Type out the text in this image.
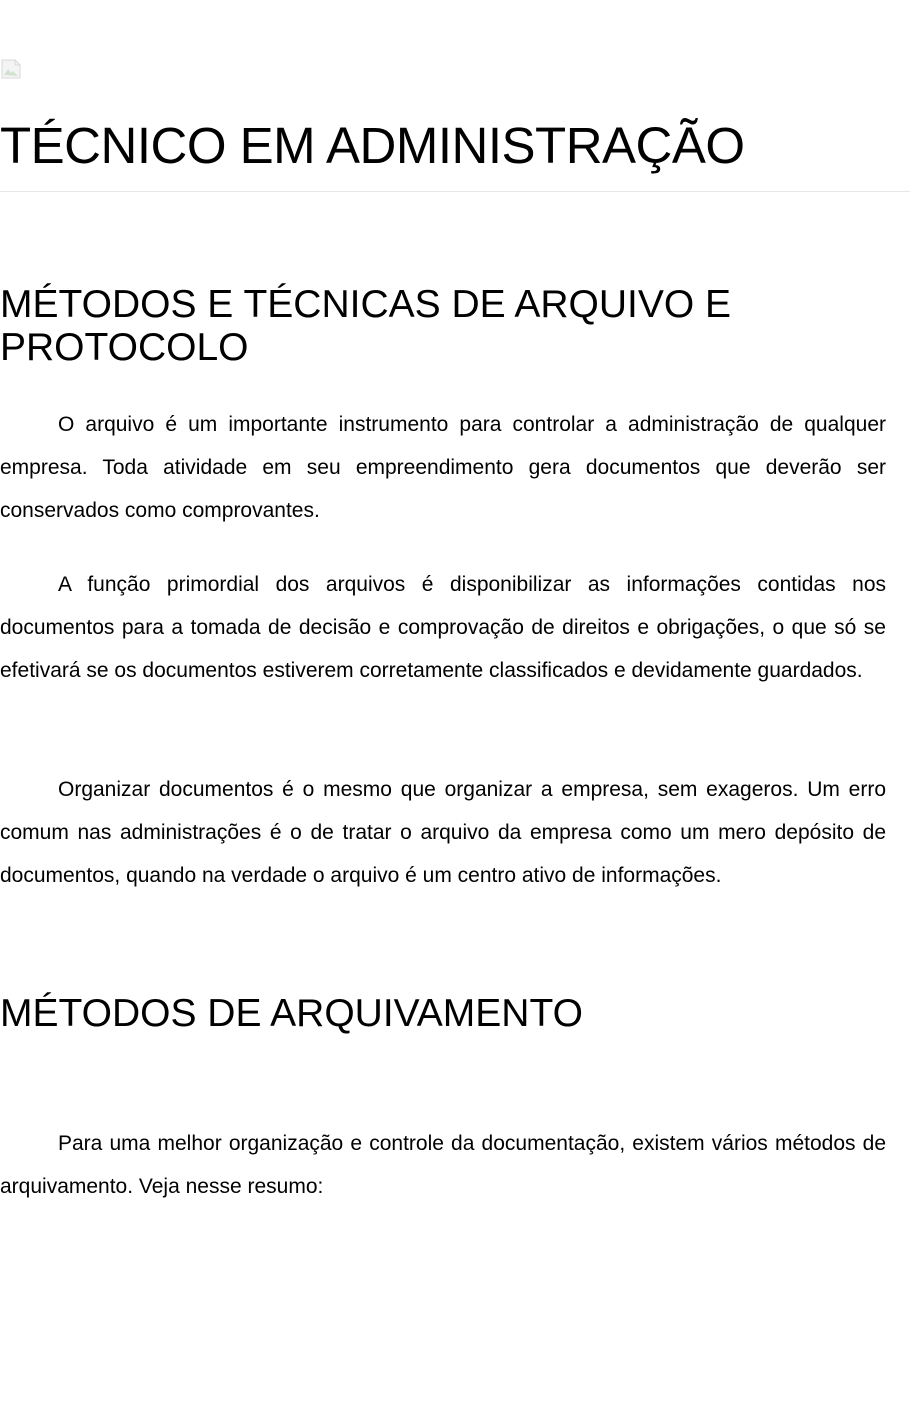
TÉCNICO EM ADMINISTRAÇÃO
MÉTODOS E TÉCNICAS DE ARQUIVO E PROTOCOLO

O arquivo é um importante instrumento para controlar a administração de qualquer empresa. Toda atividade em seu empreendimento gera documentos que deverão ser conservados como comprovantes.

A função primordial dos arquivos é disponibilizar as informações contidas nos documentos para a tomada de decisão e comprovação de direitos e obrigações, o que só se efetivará se os documentos estiverem corretamente classificados e devidamente guardados.

Organizar documentos é o mesmo que organizar a empresa, sem exageros. Um erro comum nas administrações é o de tratar o arquivo da empresa como um mero depósito de documentos, quando na verdade o arquivo é um centro ativo de informações.

MÉTODOS DE ARQUIVAMENTO

Para uma melhor organização e controle da documentação, existem vários métodos de arquivamento. Veja nesse resumo:
